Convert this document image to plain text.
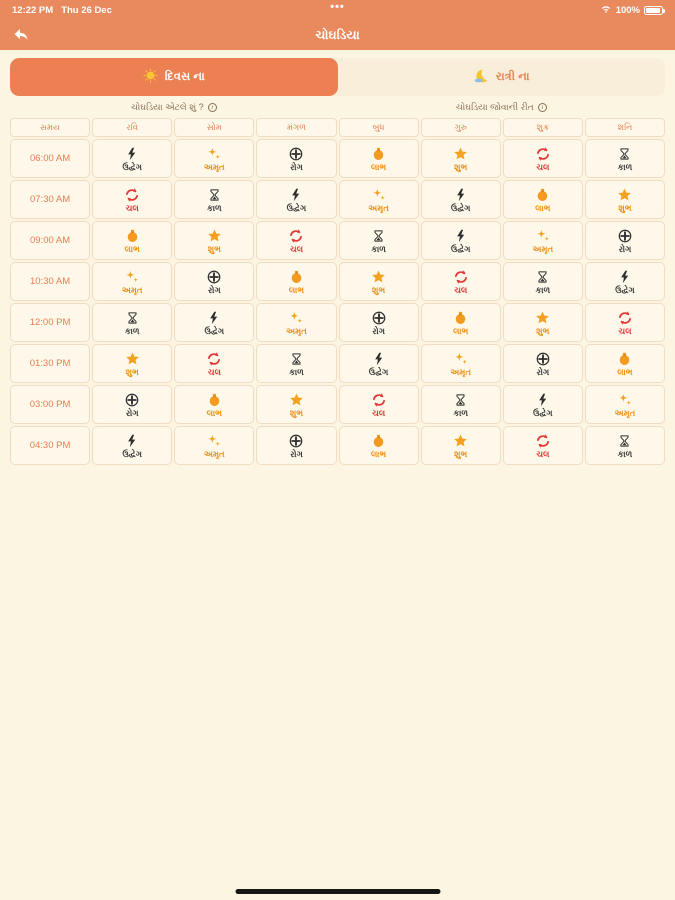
12:22 PM Thu 26 Dec	•••	100%
ચોઘડિયા
દિવસ ના	રાત્રી ના
ચોઘડિયા એટલે શું ?	i	ચોઘડિયા જોવાની રીત	i
સમય	રવિ	સોમ	મંગળ	બુધ	ગુરુ	શુક્ર	શનિ
06:00 AM
ઉદ્વેગ	અમૃત	રોગ	લાભ	શુભ	ચલ	કાળ
07:30 AM
ચલ	કાળ	ઉદ્વેગ	અમૃત	ઉદ્વેગ	લાભ	શુભ
09:00 AM
લાભ	શુભ	ચલ	કાળ	ઉદ્વેગ	અમૃત	રોગ
10:30 AM
અમૃત	રોગ	લાભ	શુભ	ચલ	કાળ	ઉદ્વેગ
12:00 PM
કાળ	ઉદ્વેગ	અમૃત	રોગ	લાભ	શુભ	ચલ
01:30 PM
શુભ	ચલ	કાળ	ઉદ્વેગ	અમૃત	રોગ	લાભ
03:00 PM
રોગ	લાભ	શુભ	ચલ	કાળ	ઉદ્વેગ	અમૃત
04:30 PM
ઉદ્વેગ	અમૃત	રોગ	લાભ	શુભ	ચલ	કાળ
